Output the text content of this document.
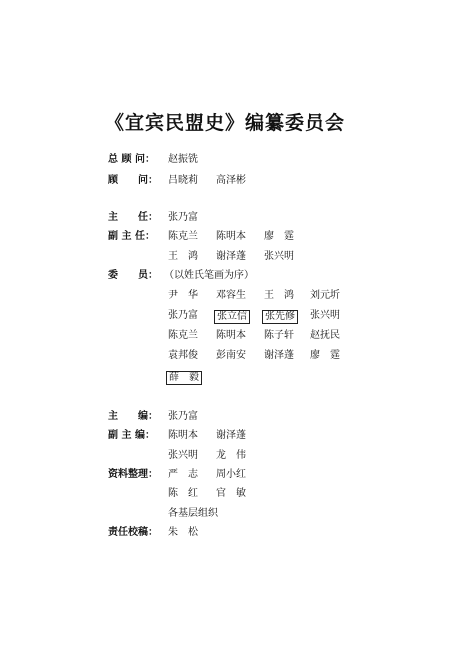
《宜宾民盟史》编纂委员会
总 顾 问： 赵振铣
顾　　问： 吕晓莉 高泽彬
主　　任： 张乃富
副 主 任： 陈克兰 陈明本 廖　霆
王　鸿 谢泽蓬 张兴明
委　　员： （以姓氏笔画为序）
尹　华 邓容生 王　鸿 刘元圻
张乃富	张立信	张先修	张兴明
陈克兰 陈明本 陈子轩 赵抚民
袁邦俊 彭南安 谢泽蓬 廖　霆
薛　毅
主　　编： 张乃富
副 主 编： 陈明本 谢泽蓬
张兴明 龙　伟
资料整理： 严　志 周小红
陈　红 官　敏
各基层组织
责任校稿： 朱　松
